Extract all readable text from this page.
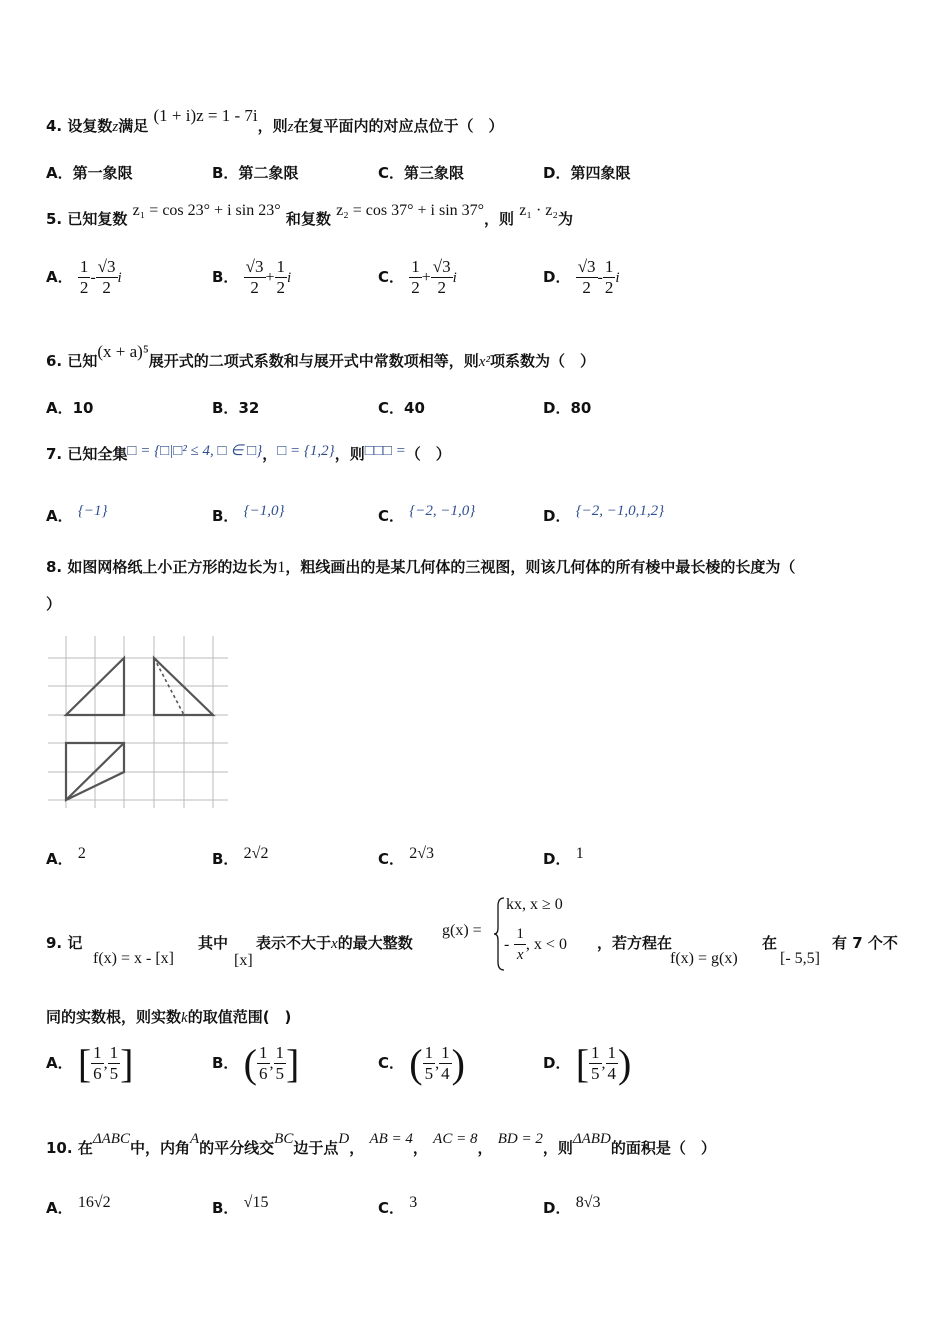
4. 设复数z满足 (1 + i)z = 1 - 7i，则z在复平面内的对应点位于（　）
A．第一象限	B．第二象限	C．第三象限	D．第四象限
5. 已知复数 z₁ = cos 23° + i sin 23° 和复数 z₂ = cos 37° + i sin 37°，则 z₁ · z₂为
A． $\frac{1}{2} - \frac{√3}{2}$ i	B． $\frac{√3}{2} + \frac{1}{2}$ i	C． $\frac{1}{2} + \frac{√3}{2}$ i	D． $\frac{√3}{2} - \frac{1}{2}$ i
6. 已知(x + a)⁵展开式的二项式系数和与展开式中常数项相等，则x²项系数为（　）
A．10	B．32	C．40	D．80
7. 已知全集□ = {□|□² ≤ 4, □ ∈ □}，□ = {1,2}，则□□□ =（　）
A． {−1}	B． {−1,0}	C． {−2, −1,0}	D． {−2, −1,0,1,2}
8. 如图网格纸上小正方形的边长为1，粗线画出的是某几何体的三视图，则该几何体的所有棱中最长棱的长度为（
）
A． 2	B． 2√2	C． 2√3	D． 1
9. 记
f(x) = x - [x]
其中
[x]
表示不大于x的最大整数
g(x) =
kx, x ≥ 0
- $\frac{1}{x}$ , x < 0 ，若方程在
f(x) = g(x)
在
[- 5,5]
有 7 个不
同的实数根，则实数k的取值范围(　)
A． [ $\frac{1}{6}$ , $\frac{1}{5}$ ]	B． ( $\frac{1}{6}$ , $\frac{1}{5}$ ]	C． ( $\frac{1}{5}$ , $\frac{1}{4}$ )	D． [ $\frac{1}{5}$ , $\frac{1}{4}$ )
10. 在ΔABC中，内角A的平分线交BC边于点D， AB = 4， AC = 8， BD = 2，则ΔABD的面积是（　）
A． 16√2	B． √15	C． 3	D． 8√3
